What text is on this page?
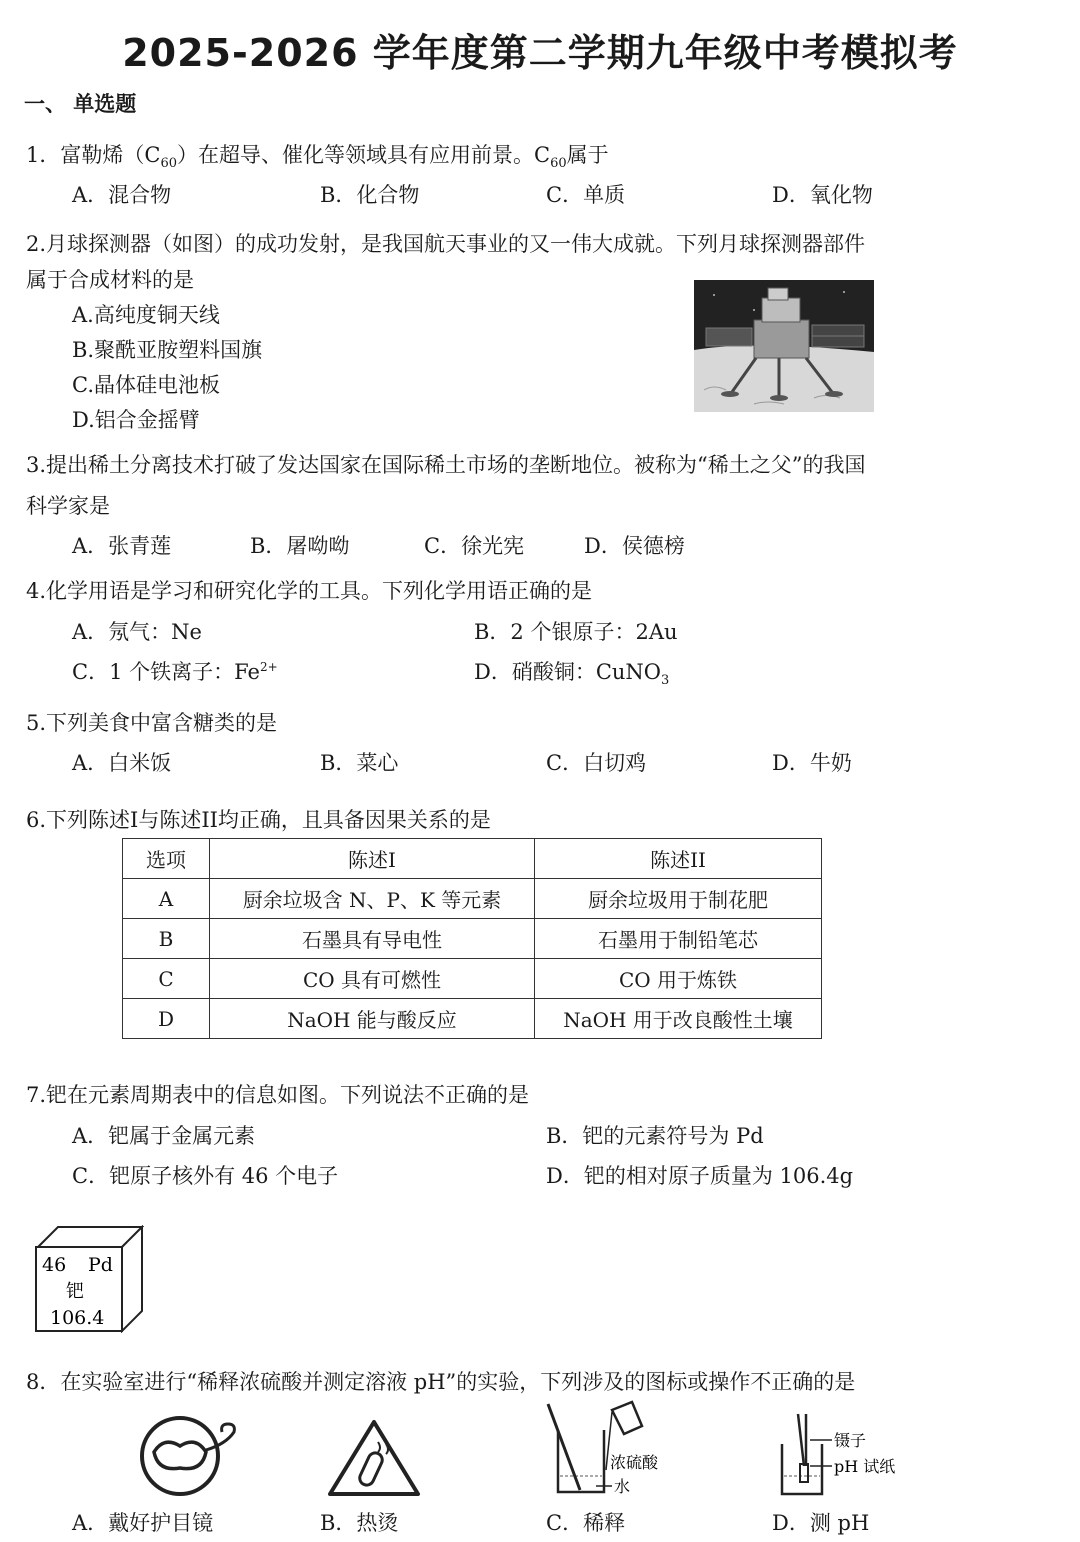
2025-2026 学年度第二学期九年级中考模拟考
一、 单选题
1．富勒烯$(C_{60})$在超导、催化等领域具有应用前景。$C_{60}$属于
A．混合物	B．化合物	C．单质	D．氧化物
2.月球探测器（如图）的成功发射，是我国航天事业的又一伟大成就。下列月球探测器部件
属于合成材料的是
A.高纯度铜天线
B.聚酰亚胺塑料国旗
C.晶体硅电池板
D.铝合金摇臂
3.提出稀土分离技术打破了发达国家在国际稀土市场的垄断地位。被称为“稀土之父”的我国
科学家是
A．张青莲	B．屠呦呦	C．徐光宪	D．侯德榜
4.化学用语是学习和研究化学的工具。下列化学用语正确的是
A．氖气：Ne	B．2 个银原子：2Au
C．1 个铁离子：$Fe^{2+}$	D．硝酸铜：CuNO$_3$
5.下列美食中富含糖类的是
A．白米饭	B．菜心	C．白切鸡	D．牛奶
6.下列陈述I与陈述II均正确，且具备因果关系的是
选项	陈述I	陈述II
A	厨余垃圾含 N、P、K 等元素	厨余垃圾用于制花肥
B	石墨具有导电性	石墨用于制铅笔芯
C	CO 具有可燃性	CO 用于炼铁
D	NaOH 能与酸反应	NaOH 用于改良酸性土壤
7.钯在元素周期表中的信息如图。下列说法不正确的是
A．钯属于金属元素	B．钯的元素符号为 Pd
C．钯原子核外有 46 个电子	D．钯的相对原子质量为 106.4g
46 Pd
钯
106.4
8．在实验室进行“稀释浓硫酸并测定溶液 pH”的实验，下列涉及的图标或操作不正确的是
浓硫酸
水
镊子
pH 试纸
A．戴好护目镜	B．热烫	C．稀释	D．测 pH
